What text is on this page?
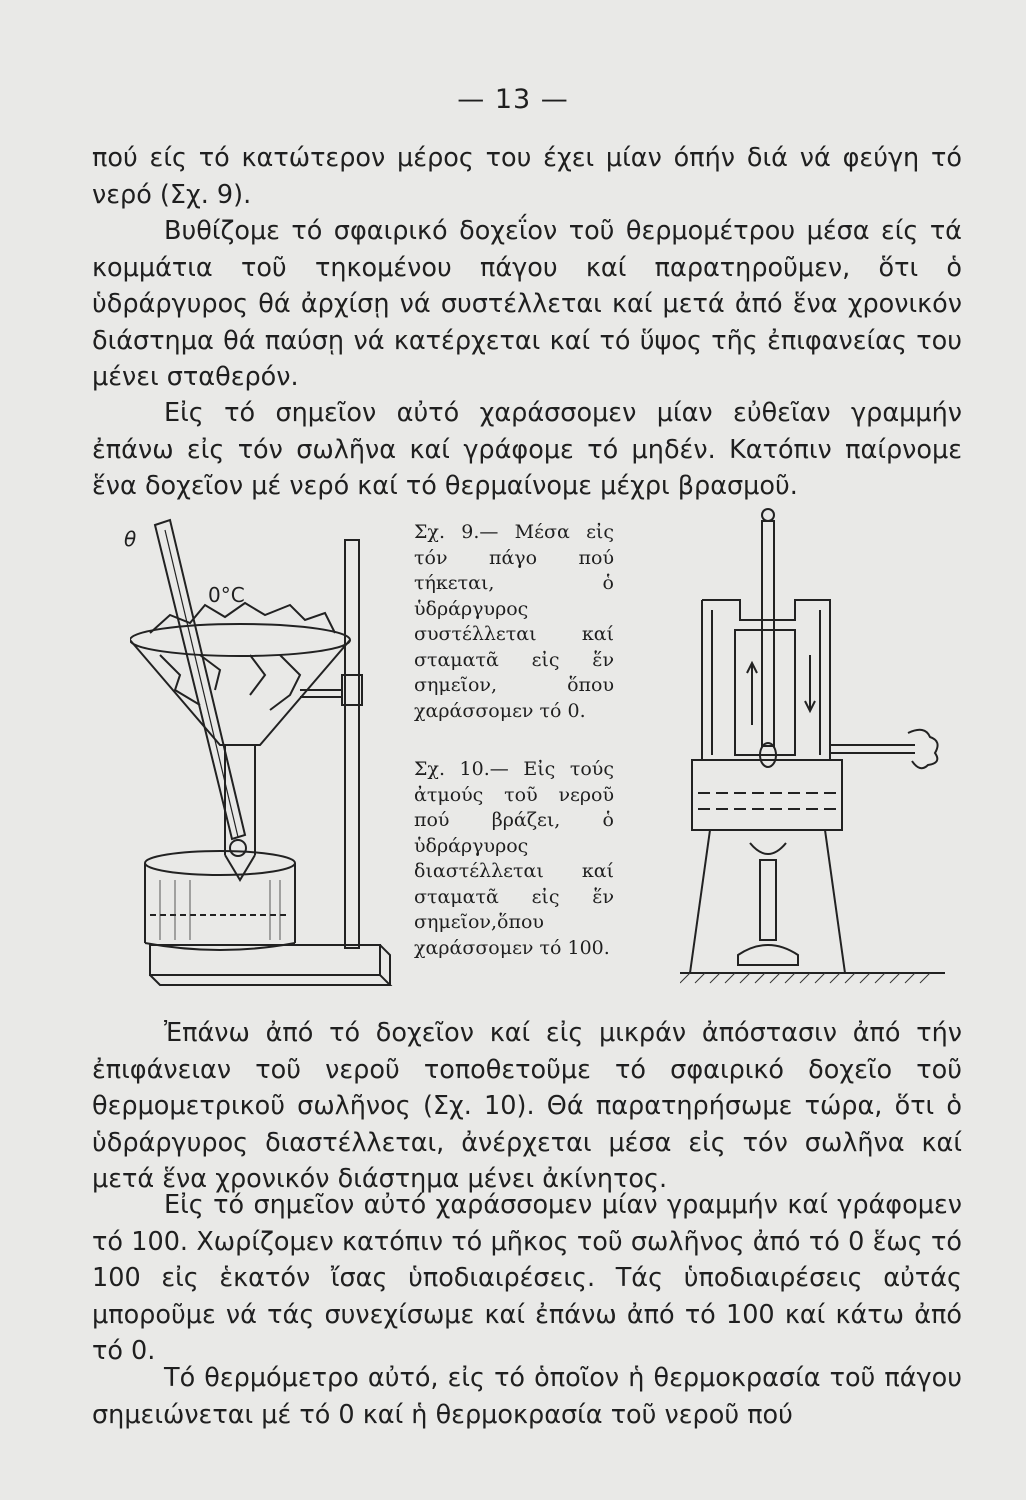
— 13 —

πού είς τό κατώτερον μέρος του έχει μίαν όπήν διά νά φεύγη τό νερό (Σχ. 9).

Βυθίζομε τό σφαιρικό δοχεΐον τοῦ θερμομέτρου μέσα είς τά κομμάτια τοῦ τηκομένου πάγου καί παρατηροῦμεν, ὅτι ὁ ὑδράργυρος θά ἀρχίσῃ νά συστέλλεται καί μετά ἀπό ἕνα χρονικόν διάστημα θά παύσῃ νά κατέρχεται καί τό ὕψος τῆς ἐπιφανείας του μένει σταθερόν.

Εἰς τό σημεῖον αὐτό χαράσσομεν μίαν εὐθεῖαν γραμμήν ἐπάνω εἰς τόν σωλῆνα καί γράφομε τό μηδέν. Κατόπιν παίρνομε ἕνα δοχεῖον μέ νερό καί τό θερμαίνομε μέχρι βρασμοῦ.

θ
0°C

Σχ. 9.— Μέσα εἰς τόν πάγο πού τήκεται, ὁ ὑδράργυρος συστέλλεται καί σταματᾶ εἰς ἕν σημεῖον, ὅπου χαράσσομεν τό 0.

Σχ. 10.— Εἰς τούς ἀτμούς τοῦ νεροῦ πού βράζει, ὁ ὑδράργυρος διαστέλλεται καί σταματᾶ εἰς ἕν σημεῖον,ὅπου χαράσσομεν τό 100.

Ἐπάνω ἀπό τό δοχεῖον καί εἰς μικράν ἀπόστασιν ἀπό τήν ἐπιφάνειαν τοῦ νεροῦ τοποθετοῦμε τό σφαιρικό δοχεῖο τοῦ θερμομετρικοῦ σωλῆνος (Σχ. 10). Θά παρατηρήσωμε τώρα, ὅτι ὁ ὑδράργυρος διαστέλλεται, ἀνέρχεται μέσα εἰς τόν σωλῆνα καί μετά ἕνα χρονικόν διάστημα μένει ἀκίνητος.

Εἰς τό σημεῖον αὐτό χαράσσομεν μίαν γραμμήν καί γράφομεν τό 100. Χωρίζομεν κατόπιν τό μῆκος τοῦ σωλῆνος ἀπό τό 0 ἕως τό 100 εἰς ἑκατόν ἴσας ὑποδιαιρέσεις. Τάς ὑποδιαιρέσεις αὐτάς μποροῦμε νά τάς συνεχίσωμε καί ἐπάνω ἀπό τό 100 καί κάτω ἀπό τό 0.

Τό θερμόμετρο αὐτό, εἰς τό ὁποῖον ἡ θερμοκρασία τοῦ πάγου σημειώνεται μέ τό 0 καί ἡ θερμοκρασία τοῦ νεροῦ πού
